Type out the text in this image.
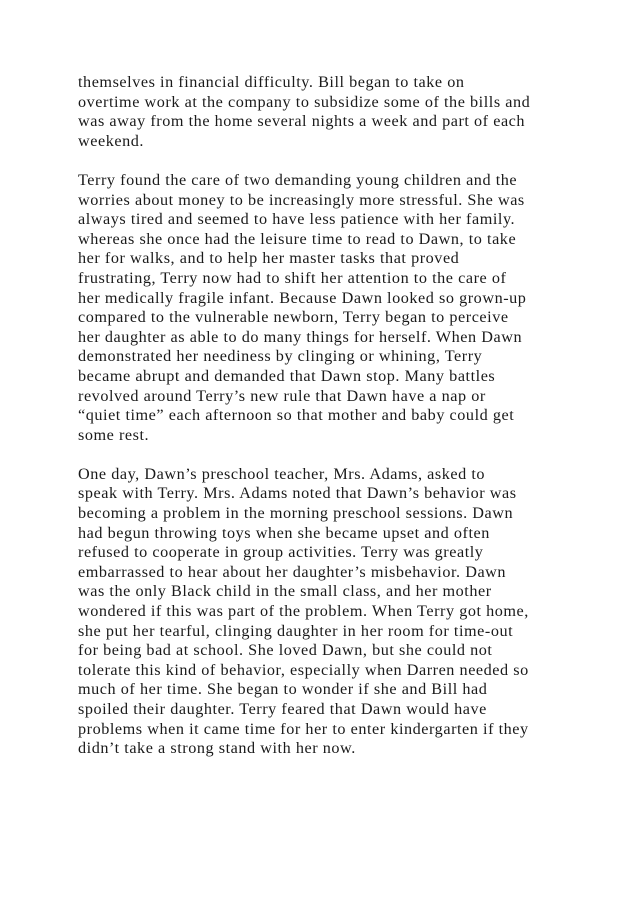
themselves in financial difficulty. Bill began to take on
overtime work at the company to subsidize some of the bills and
was away from the home several nights a week and part of each
weekend.

Terry found the care of two demanding young children and the
worries about money to be increasingly more stressful. She was
always tired and seemed to have less patience with her family.
whereas she once had the leisure time to read to Dawn, to take
her for walks, and to help her master tasks that proved
frustrating, Terry now had to shift her attention to the care of
her medically fragile infant. Because Dawn looked so grown-up
compared to the vulnerable newborn, Terry began to perceive
her daughter as able to do many things for herself. When Dawn
demonstrated her neediness by clinging or whining, Terry
became abrupt and demanded that Dawn stop. Many battles
revolved around Terry’s new rule that Dawn have a nap or
“quiet time” each afternoon so that mother and baby could get
some rest.

One day, Dawn’s preschool teacher, Mrs. Adams, asked to
speak with Terry. Mrs. Adams noted that Dawn’s behavior was
becoming a problem in the morning preschool sessions. Dawn
had begun throwing toys when she became upset and often
refused to cooperate in group activities. Terry was greatly
embarrassed to hear about her daughter’s misbehavior. Dawn
was the only Black child in the small class, and her mother
wondered if this was part of the problem. When Terry got home,
she put her tearful, clinging daughter in her room for time-out
for being bad at school. She loved Dawn, but she could not
tolerate this kind of behavior, especially when Darren needed so
much of her time. She began to wonder if she and Bill had
spoiled their daughter. Terry feared that Dawn would have
problems when it came time for her to enter kindergarten if they
didn’t take a strong stand with her now.
